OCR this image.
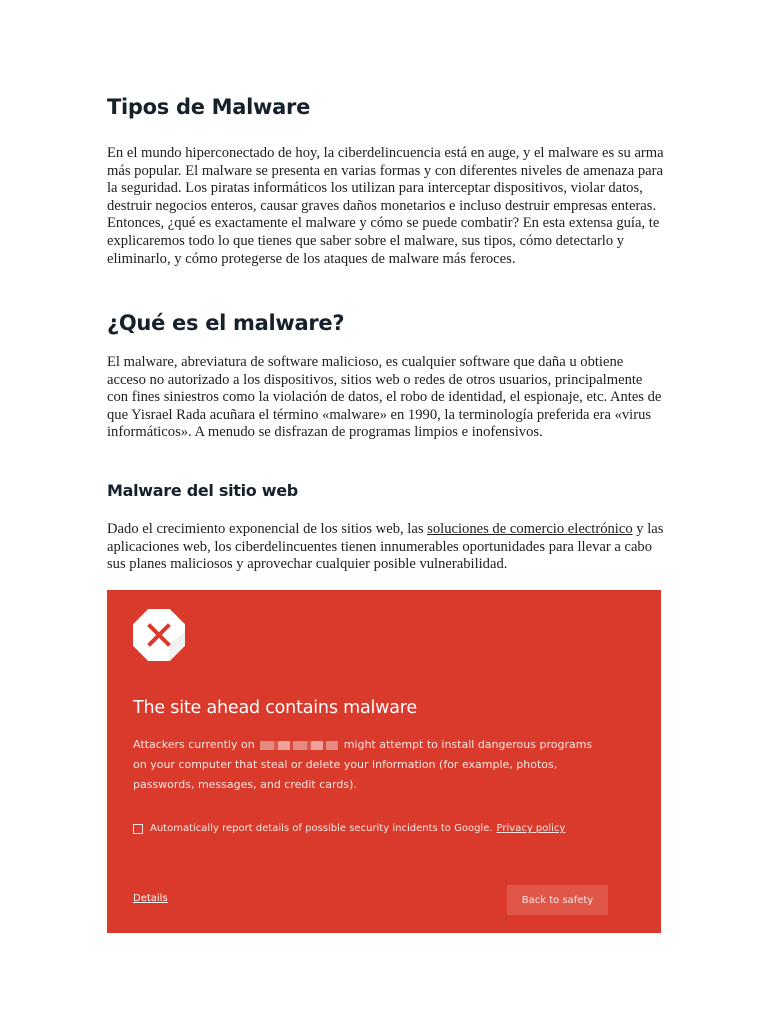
Tipos de Malware

En el mundo hiperconectado de hoy, la ciberdelincuencia está en auge, y el malware es su arma más popular. El malware se presenta en varias formas y con diferentes niveles de amenaza para la seguridad. Los piratas informáticos los utilizan para interceptar dispositivos, violar datos, destruir negocios enteros, causar graves daños monetarios e incluso destruir empresas enteras. Entonces, ¿qué es exactamente el malware y cómo se puede combatir? En esta extensa guía, te explicaremos todo lo que tienes que saber sobre el malware, sus tipos, cómo detectarlo y eliminarlo, y cómo protegerse de los ataques de malware más feroces.

¿Qué es el malware?

El malware, abreviatura de software malicioso, es cualquier software que daña u obtiene acceso no autorizado a los dispositivos, sitios web o redes de otros usuarios, principalmente con fines siniestros como la violación de datos, el robo de identidad, el espionaje, etc. Antes de que Yisrael Rada acuñara el término «malware» en 1990, la terminología preferida era «virus informáticos». A menudo se disfrazan de programas limpios e inofensivos.

Malware del sitio web

Dado el crecimiento exponencial de los sitios web, las soluciones de comercio electrónico y las aplicaciones web, los ciberdelincuentes tienen innumerables oportunidades para llevar a cabo sus planes maliciosos y aprovechar cualquier posible vulnerabilidad.

The site ahead contains malware
Attackers currently on	might attempt to install dangerous programs on your computer that steal or delete your information (for example, photos, passwords, messages, and credit cards).
Automatically report details of possible security incidents to Google. Privacy policy
Details	Back to safety
